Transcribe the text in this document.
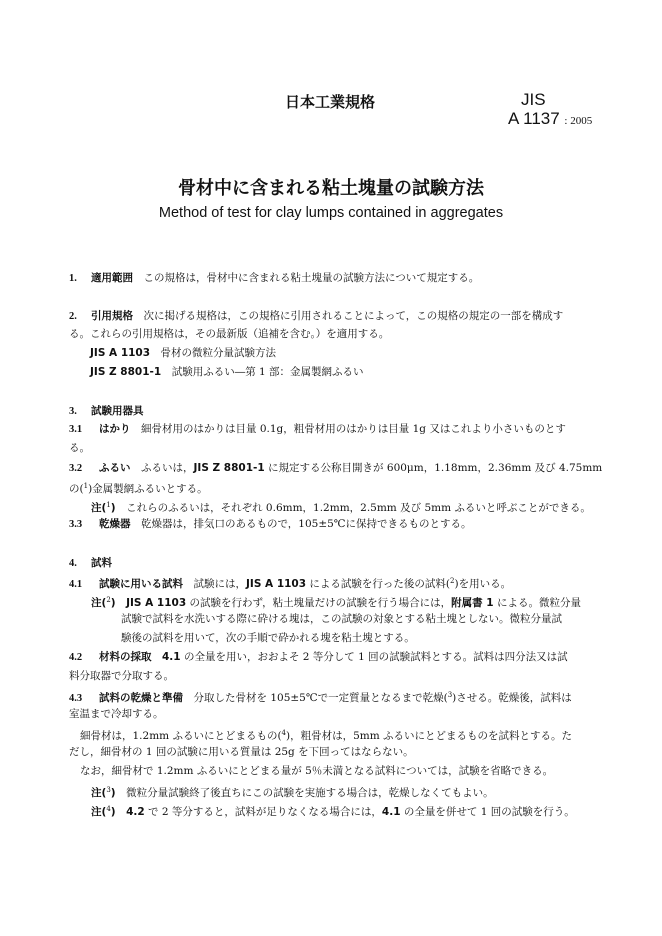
日本工業規格	JIS
A 1137 : 2005
骨材中に含まれる粘土塊量の試験方法
Method of test for clay lumps contained in aggregates
1. 適用範囲　 この規格は，骨材中に含まれる粘土塊量の試験方法について規定する。
2. 引用規格　 次に掲げる規格は，この規格に引用されることによって，この規格の規定の一部を構成す
る。これらの引用規格は，その最新版（追補を含む。）を適用する。
JIS A 1103　 骨材の微粒分量試験方法
JIS Z 8801-1　 試験用ふるい―第 1 部：金属製網ふるい
3. 試験用器具
3.1 はかり　 細骨材用のはかりは目量 0.1g，粗骨材用のはかりは目量 1g 又はこれより小さいものとす
る。
3.2 ふるい　 ふるいは，JIS Z 8801-1 に規定する公称目開きが 600μm，1.18mm，2.36mm 及び 4.75mm
の($^1$)金属製網ふるいとする。
注($^1$)　 これらのふるいは，それぞれ 0.6mm，1.2mm，2.5mm 及び 5mm ふるいと呼ぶことができる。
3.3 乾燥器　 乾燥器は，排気口のあるもので，105±5℃に保持できるものとする。
4. 試料
4.1 試験に用いる試料　 試験には，JIS A 1103 による試験を行った後の試料($^2$)を用いる。
注($^2$)　 JIS A 1103 の試験を行わず，粘土塊量だけの試験を行う場合には，附属書 1 による。微粒分量
試験で試料を水洗いする際に砕ける塊は，この試験の対象とする粘土塊としない。微粒分量試
験後の試料を用いて，次の手順で砕かれる塊を粘土塊とする。
4.2 材料の採取　 4.1 の全量を用い，おおよそ 2 等分して 1 回の試験試料とする。試料は四分法又は試
料分取器で分取する。
4.3 試料の乾燥と準備　 分取した骨材を 105±5℃で一定質量となるまで乾燥($^3$)させる。乾燥後，試料は
室温まで冷却する。
細骨材は，1.2mm ふるいにとどまるもの($^4$)，粗骨材は，5mm ふるいにとどまるものを試料とする。た
だし，細骨材の 1 回の試験に用いる質量は 25g を下回ってはならない。
なお，細骨材で 1.2mm ふるいにとどまる量が 5％未満となる試料については，試験を省略できる。
注($^3$)　 微粒分量試験終了後直ちにこの試験を実施する場合は，乾燥しなくてもよい。
注($^4$)　 4.2 で 2 等分すると，試料が足りなくなる場合には，4.1 の全量を併せて 1 回の試験を行う。
